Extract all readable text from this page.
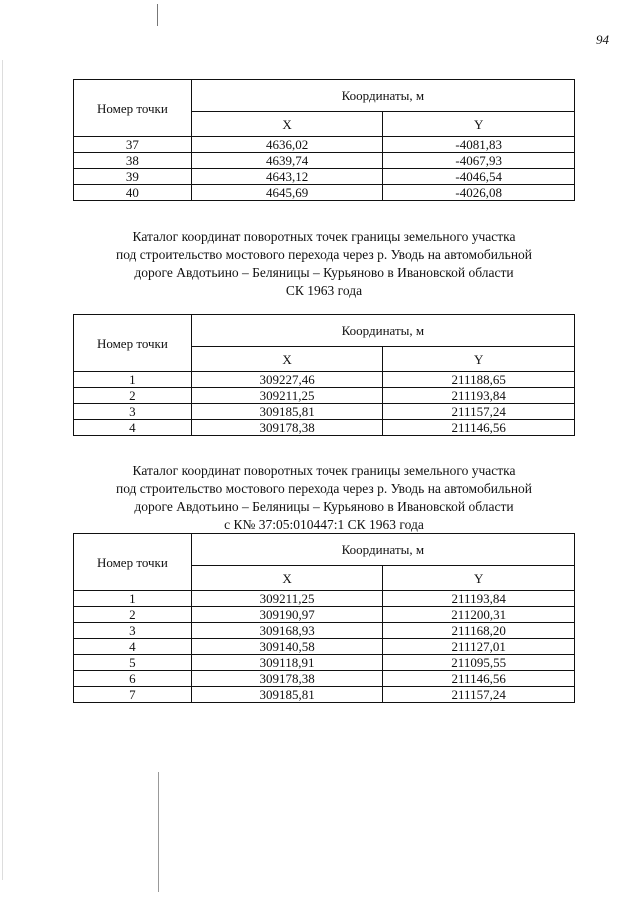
94
Номер точки	Координаты, м	
	X	Y
37	4636,02	-4081,83
38	4639,74	-4067,93
39	4643,12	-4046,54
40	4645,69	-4026,08
Каталог координат поворотных точек границы земельного участка
под строительство мостового перехода через р. Уводь на автомобильной
дороге Авдотьино – Беляницы – Курьяново в Ивановской области
СК 1963 года
Номер точки	Координаты, м	
	X	Y
1	309227,46	211188,65
2	309211,25	211193,84
3	309185,81	211157,24
4	309178,38	211146,56
Каталог координат поворотных точек границы земельного участка
под строительство мостового перехода через р. Уводь на автомобильной
дороге Авдотьино – Беляницы – Курьяново в Ивановской области
с К№ 37:05:010447:1 СК 1963 года
Номер точки	Координаты, м	
	X	Y
1	309211,25	211193,84
2	309190,97	211200,31
3	309168,93	211168,20
4	309140,58	211127,01
5	309118,91	211095,55
6	309178,38	211146,56
7	309185,81	211157,24
